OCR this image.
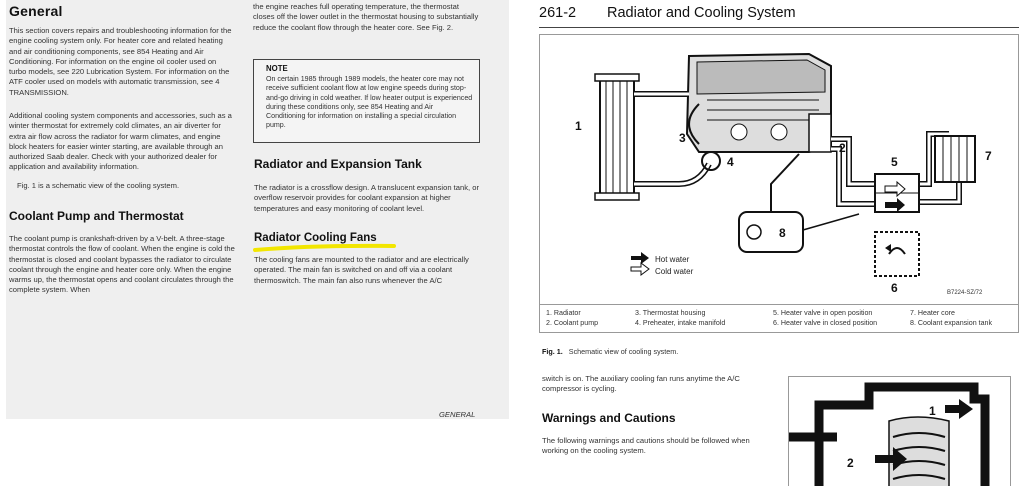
General
This section covers repairs and troubleshooting information for the engine cooling system only. For heater core and related heating and air conditioning components, see 854 Heating and Air Conditioning. For information on the engine oil cooler used on turbo models, see 220 Lubrication System. For information on the ATF cooler used on models with automatic transmission, see 4 TRANSMISSION.
Additional cooling system components and accessories, such as a winter thermostat for extremely cold climates, an air diverter for extra air flow across the radiator for warm climates, and engine block heaters for easier winter starting, are available through an authorized Saab dealer. Check with your authorized dealer for application and availability information.
Fig. 1 is a schematic view of the cooling system.
Coolant Pump and Thermostat
The coolant pump is crankshaft-driven by a V-belt. A three-stage thermostat controls the flow of coolant. When the engine is cold the thermostat is closed and coolant bypasses the radiator to circulate coolant through the engine and heater core only. When the engine warms up, the thermostat opens and coolant circulates through the complete system. When
the engine reaches full operating temperature, the thermostat closes off the lower outlet in the thermostat housing to substantially reduce the coolant flow through the heater core. See Fig. 2.
NOTE
On certain 1985 through 1989 models, the heater core may not receive sufficient coolant flow at low engine speeds during stop-and-go driving in cold weather. If low heater output is experienced during these conditions only, see 854 Heating and Air Conditioning for information on installing a special circulation pump.
Radiator and Expansion Tank
The radiator is a crossflow design. A translucent expansion tank, or overflow reservoir provides for coolant expansion at higher temperatures and easy monitoring of coolant level.
Radiator Cooling Fans
The cooling fans are mounted to the radiator and are electrically operated. The main fan is switched on and off via a coolant thermoswitch. The main fan also runs whenever the A/C
GENERAL
261-2 Radiator and Cooling System
1
2
3
4	5
6
7
8
Hot water
Cold water
B7224-SZ/72
1. Radiator	3. Thermostat housing	5. Heater valve in open position	7. Heater core
2. Coolant pump	4. Preheater, intake manifold	6. Heater valve in closed position	8. Coolant expansion tank
Fig. 1. Schematic view of cooling system.
switch is on. The auxiliary cooling fan runs anytime the A/C compressor is cycling.
Warnings and Cautions
The following warnings and cautions should be followed when working on the cooling system.
1
2
